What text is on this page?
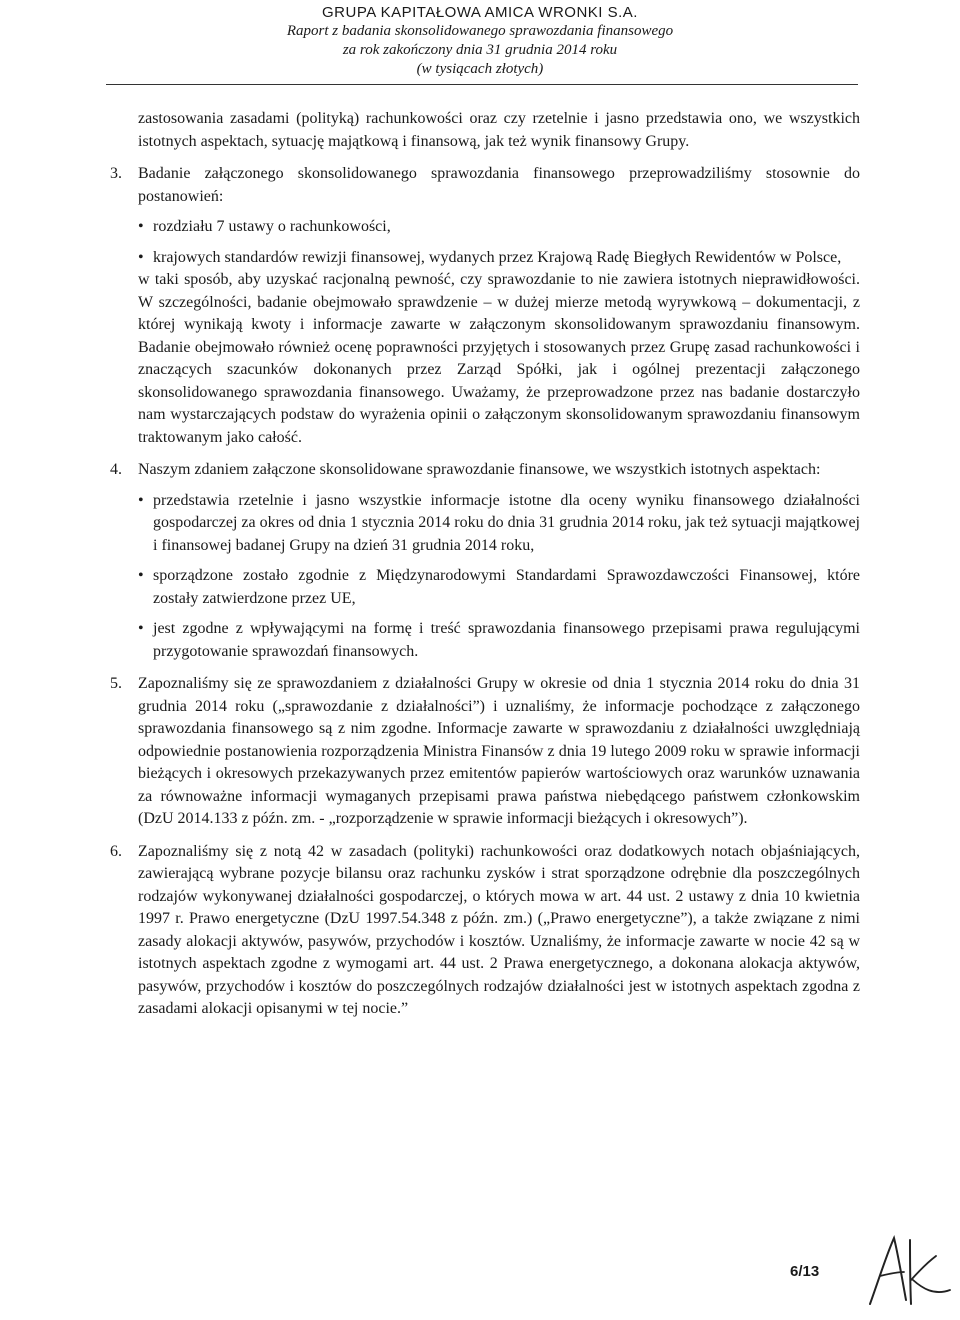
GRUPA KAPITAŁOWA AMICA WRONKI S.A.
Raport z badania skonsolidowanego sprawozdania finansowego
za rok zakończony dnia 31 grudnia 2014 roku
(w tysiącach złotych)

zastosowania zasadami (polityką) rachunkowości oraz czy rzetelnie i jasno przedstawia ono, we wszystkich istotnych aspektach, sytuację majątkową i finansową, jak też wynik finansowy Grupy.

3. Badanie załączonego skonsolidowanego sprawozdania finansowego przeprowadziliśmy stosownie do postanowień:

• rozdziału 7 ustawy o rachunkowości,
• krajowych standardów rewizji finansowej, wydanych przez Krajową Radę Biegłych Rewidentów w Polsce,

w taki sposób, aby uzyskać racjonalną pewność, czy sprawozdanie to nie zawiera istotnych nieprawidłowości. W szczególności, badanie obejmowało sprawdzenie – w dużej mierze metodą wyrywkową – dokumentacji, z której wynikają kwoty i informacje zawarte w załączonym skonsolidowanym sprawozdaniu finansowym. Badanie obejmowało również ocenę poprawności przyjętych i stosowanych przez Grupę zasad rachunkowości i znaczących szacunków dokonanych przez Zarząd Spółki, jak i ogólnej prezentacji załączonego skonsolidowanego sprawozdania finansowego. Uważamy, że przeprowadzone przez nas badanie dostarczyło nam wystarczających podstaw do wyrażenia opinii o załączonym skonsolidowanym sprawozdaniu finansowym traktowanym jako całość.

4. Naszym zdaniem załączone skonsolidowane sprawozdanie finansowe, we wszystkich istotnych aspektach:

• przedstawia rzetelnie i jasno wszystkie informacje istotne dla oceny wyniku finansowego działalności gospodarczej za okres od dnia 1 stycznia 2014 roku do dnia 31 grudnia 2014 roku, jak też sytuacji majątkowej i finansowej badanej Grupy na dzień 31 grudnia 2014 roku,
• sporządzone zostało zgodnie z Międzynarodowymi Standardami Sprawozdawczości Finansowej, które zostały zatwierdzone przez UE,
• jest zgodne z wpływającymi na formę i treść sprawozdania finansowego przepisami prawa regulującymi przygotowanie sprawozdań finansowych.
5. Zapoznaliśmy się ze sprawozdaniem z działalności Grupy w okresie od dnia 1 stycznia 2014 roku do dnia 31 grudnia 2014 roku („sprawozdanie z działalności”) i uznaliśmy, że informacje pochodzące z załączonego sprawozdania finansowego są z nim zgodne. Informacje zawarte w sprawozdaniu z działalności uwzględniają odpowiednie postanowienia rozporządzenia Ministra Finansów z dnia 19 lutego 2009 roku w sprawie informacji bieżących i okresowych przekazywanych przez emitentów papierów wartościowych oraz warunków uznawania za równoważne informacji wymaganych przepisami prawa państwa niebędącego państwem członkowskim (DzU 2014.133 z późn. zm. - „rozporządzenie w sprawie informacji bieżących i okresowych”).

6. Zapoznaliśmy się z notą 42 w zasadach (polityki) rachunkowości oraz dodatkowych notach objaśniających, zawierającą wybrane pozycje bilansu oraz rachunku zysków i strat sporządzone odrębnie dla poszczególnych rodzajów wykonywanej działalności gospodarczej, o których mowa w art. 44 ust. 2 ustawy z dnia 10 kwietnia 1997 r. Prawo energetyczne (DzU 1997.54.348 z późn. zm.) („Prawo energetyczne”), a także związane z nimi zasady alokacji aktywów, pasywów, przychodów i kosztów. Uznaliśmy, że informacje zawarte w nocie 42 są w istotnych aspektach zgodne z wymogami art. 44 ust. 2 Prawa energetycznego, a dokonana alokacja aktywów, pasywów, przychodów i kosztów do poszczególnych rodzajów działalności jest w istotnych aspektach zgodna z zasadami alokacji opisanymi w tej nocie.”

6/13
